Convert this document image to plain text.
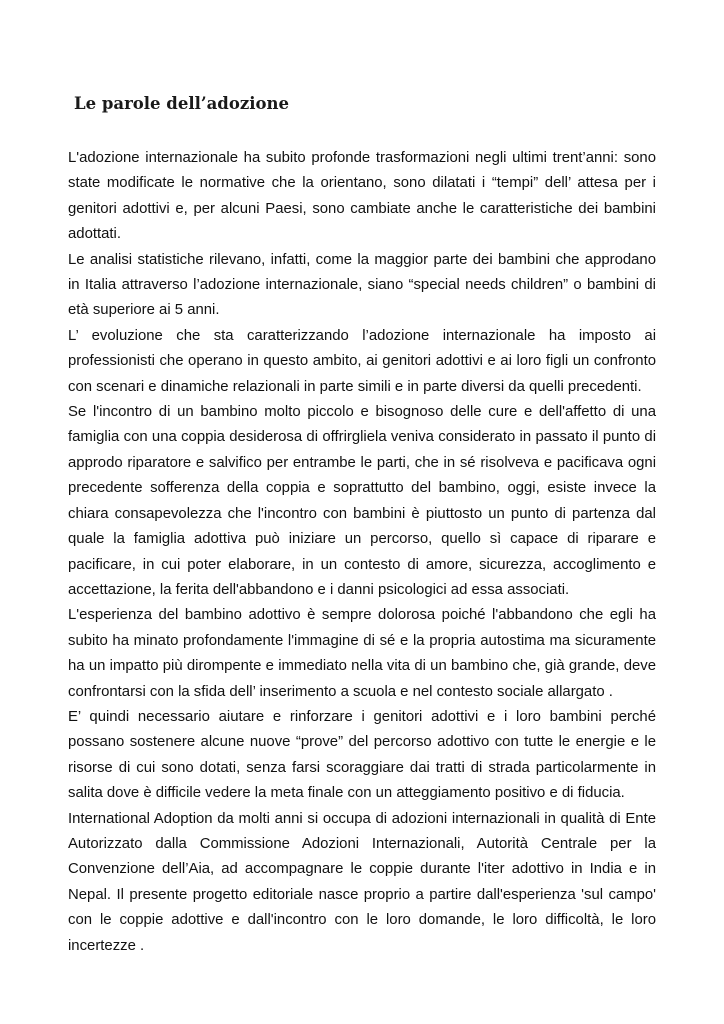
Le parole dell’adozione

L'adozione internazionale ha subito profonde trasformazioni negli ultimi trent’anni: sono state modificate le normative che la orientano, sono dilatati i “tempi” dell’ attesa per i genitori adottivi e, per alcuni Paesi, sono cambiate anche le caratteristiche dei bambini adottati.

Le analisi statistiche rilevano, infatti, come la maggior parte dei bambini che approdano in Italia attraverso l’adozione internazionale, siano “special needs children” o bambini di età superiore ai 5 anni.

L’ evoluzione che sta caratterizzando l’adozione internazionale ha imposto ai professionisti che operano in questo ambito, ai genitori adottivi e ai loro figli un confronto con scenari e dinamiche relazionali in parte simili e in parte diversi da quelli precedenti.

Se l'incontro di un bambino molto piccolo e bisognoso delle cure e dell'affetto di una famiglia con una coppia desiderosa di offrirgliela veniva considerato in passato il punto di approdo riparatore e salvifico per entrambe le parti, che in sé risolveva e pacificava ogni precedente sofferenza della coppia e soprattutto del bambino, oggi, esiste invece la chiara consapevolezza che l'incontro con bambini è piuttosto un punto di partenza dal quale la famiglia adottiva può iniziare un percorso, quello sì capace di riparare e pacificare, in cui poter elaborare, in un contesto di amore, sicurezza, accoglimento e accettazione, la ferita dell'abbandono e i danni psicologici ad essa associati.

L'esperienza del bambino adottivo è sempre dolorosa poiché l'abbandono che egli ha subito ha minato profondamente l'immagine di sé e la propria autostima ma sicuramente ha un impatto più dirompente e immediato nella vita di un bambino che, già grande, deve confrontarsi con la sfida dell’ inserimento a scuola e nel contesto sociale allargato .

E’ quindi necessario aiutare e rinforzare i genitori adottivi e i loro bambini perché possano sostenere alcune nuove “prove” del percorso adottivo con tutte le energie e le risorse di cui sono dotati, senza farsi scoraggiare dai tratti di strada particolarmente in salita dove è difficile vedere la meta finale con un atteggiamento positivo e di fiducia.

International Adoption da molti anni si occupa di adozioni internazionali in qualità di Ente Autorizzato dalla Commissione Adozioni Internazionali, Autorità Centrale per la Convenzione dell’Aia, ad accompagnare le coppie durante l'iter adottivo in India e in Nepal. Il presente progetto editoriale nasce proprio a partire dall'esperienza 'sul campo' con le coppie adottive e dall'incontro con le loro domande, le loro difficoltà, le loro incertezze .
